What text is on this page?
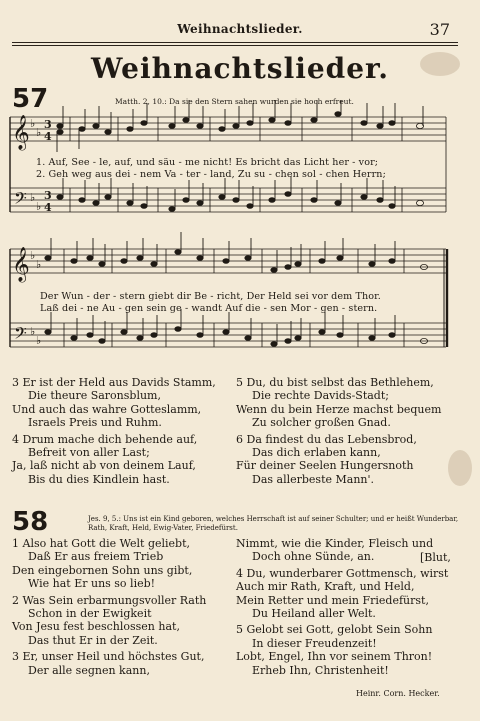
Weihnachtslieder.	37
Weihnachtslieder.
57	Matth. 2, 10.: Da sie den Stern sahen wurden sie hoch erfreut.
𝄞
𝄞
𝄢
𝄢
♭
♭
♭
♭
♭
♭
♭
♭
3
4
3
4
1. Auf, See - le, auf, und säu - me nicht! Es bricht das Licht her - vor;
2. Geh weg aus dei - nem Va - ter - land, Zu su - chen sol - chen Herrn;
Der Wun - der - stern giebt dir Be - richt, Der Held sei vor dem Thor.
Laß dei - ne Au - gen sein ge - wandt Auf die - sen Mor - gen - stern.
3 Er ist der Held aus Davids Stamm,
Die theure Saronsblum,
Und auch das wahre Gotteslamm,
Israels Preis und Ruhm.
4 Drum mache dich behende auf,
Befreit von aller Last;
Ja, laß nicht ab von deinem Lauf,
Bis du dies Kindlein hast.
5 Du, du bist selbst das Bethlehem,
Die rechte Davids-Stadt;
Wenn du bein Herze machst bequem
Zu solcher großen Gnad.
6 Da findest du das Lebensbrod,
Das dich erlaben kann,
Für deiner Seelen Hungersnoth
Das allerbeste Mann'.
58	Jes. 9, 5.: Uns ist ein Kind geboren, welches Herrschaft ist auf seiner Schulter; und er heißt Wunderbar,
Rath, Kraft, Held, Ewig-Vater, Friedefürst.
1 Also hat Gott die Welt geliebt,
Daß Er aus freiem Trieb
Den eingebornen Sohn uns gibt,
Wie hat Er uns so lieb!
2 Was Sein erbarmungsvoller Rath
Schon in der Ewigkeit
Von Jesu fest beschlossen hat,
Das thut Er in der Zeit.
3 Er, unser Heil und höchstes Gut,
Der alle segnen kann,
Nimmt, wie die Kinder, Fleisch und
Doch ohne Sünde, an.
4 Du, wunderbarer Gottmensch, wirst
Auch mir Rath, Kraft, und Held,
Mein Retter und mein Friedefürst,
Du Heiland aller Welt.
5 Gelobt sei Gott, gelobt Sein Sohn
In dieser Freudenzeit!
Lobt, Engel, Ihn vor seinem Thron!
Erheb Ihn, Christenheit!
[Blut,
Heinr. Corn. Hecker.
